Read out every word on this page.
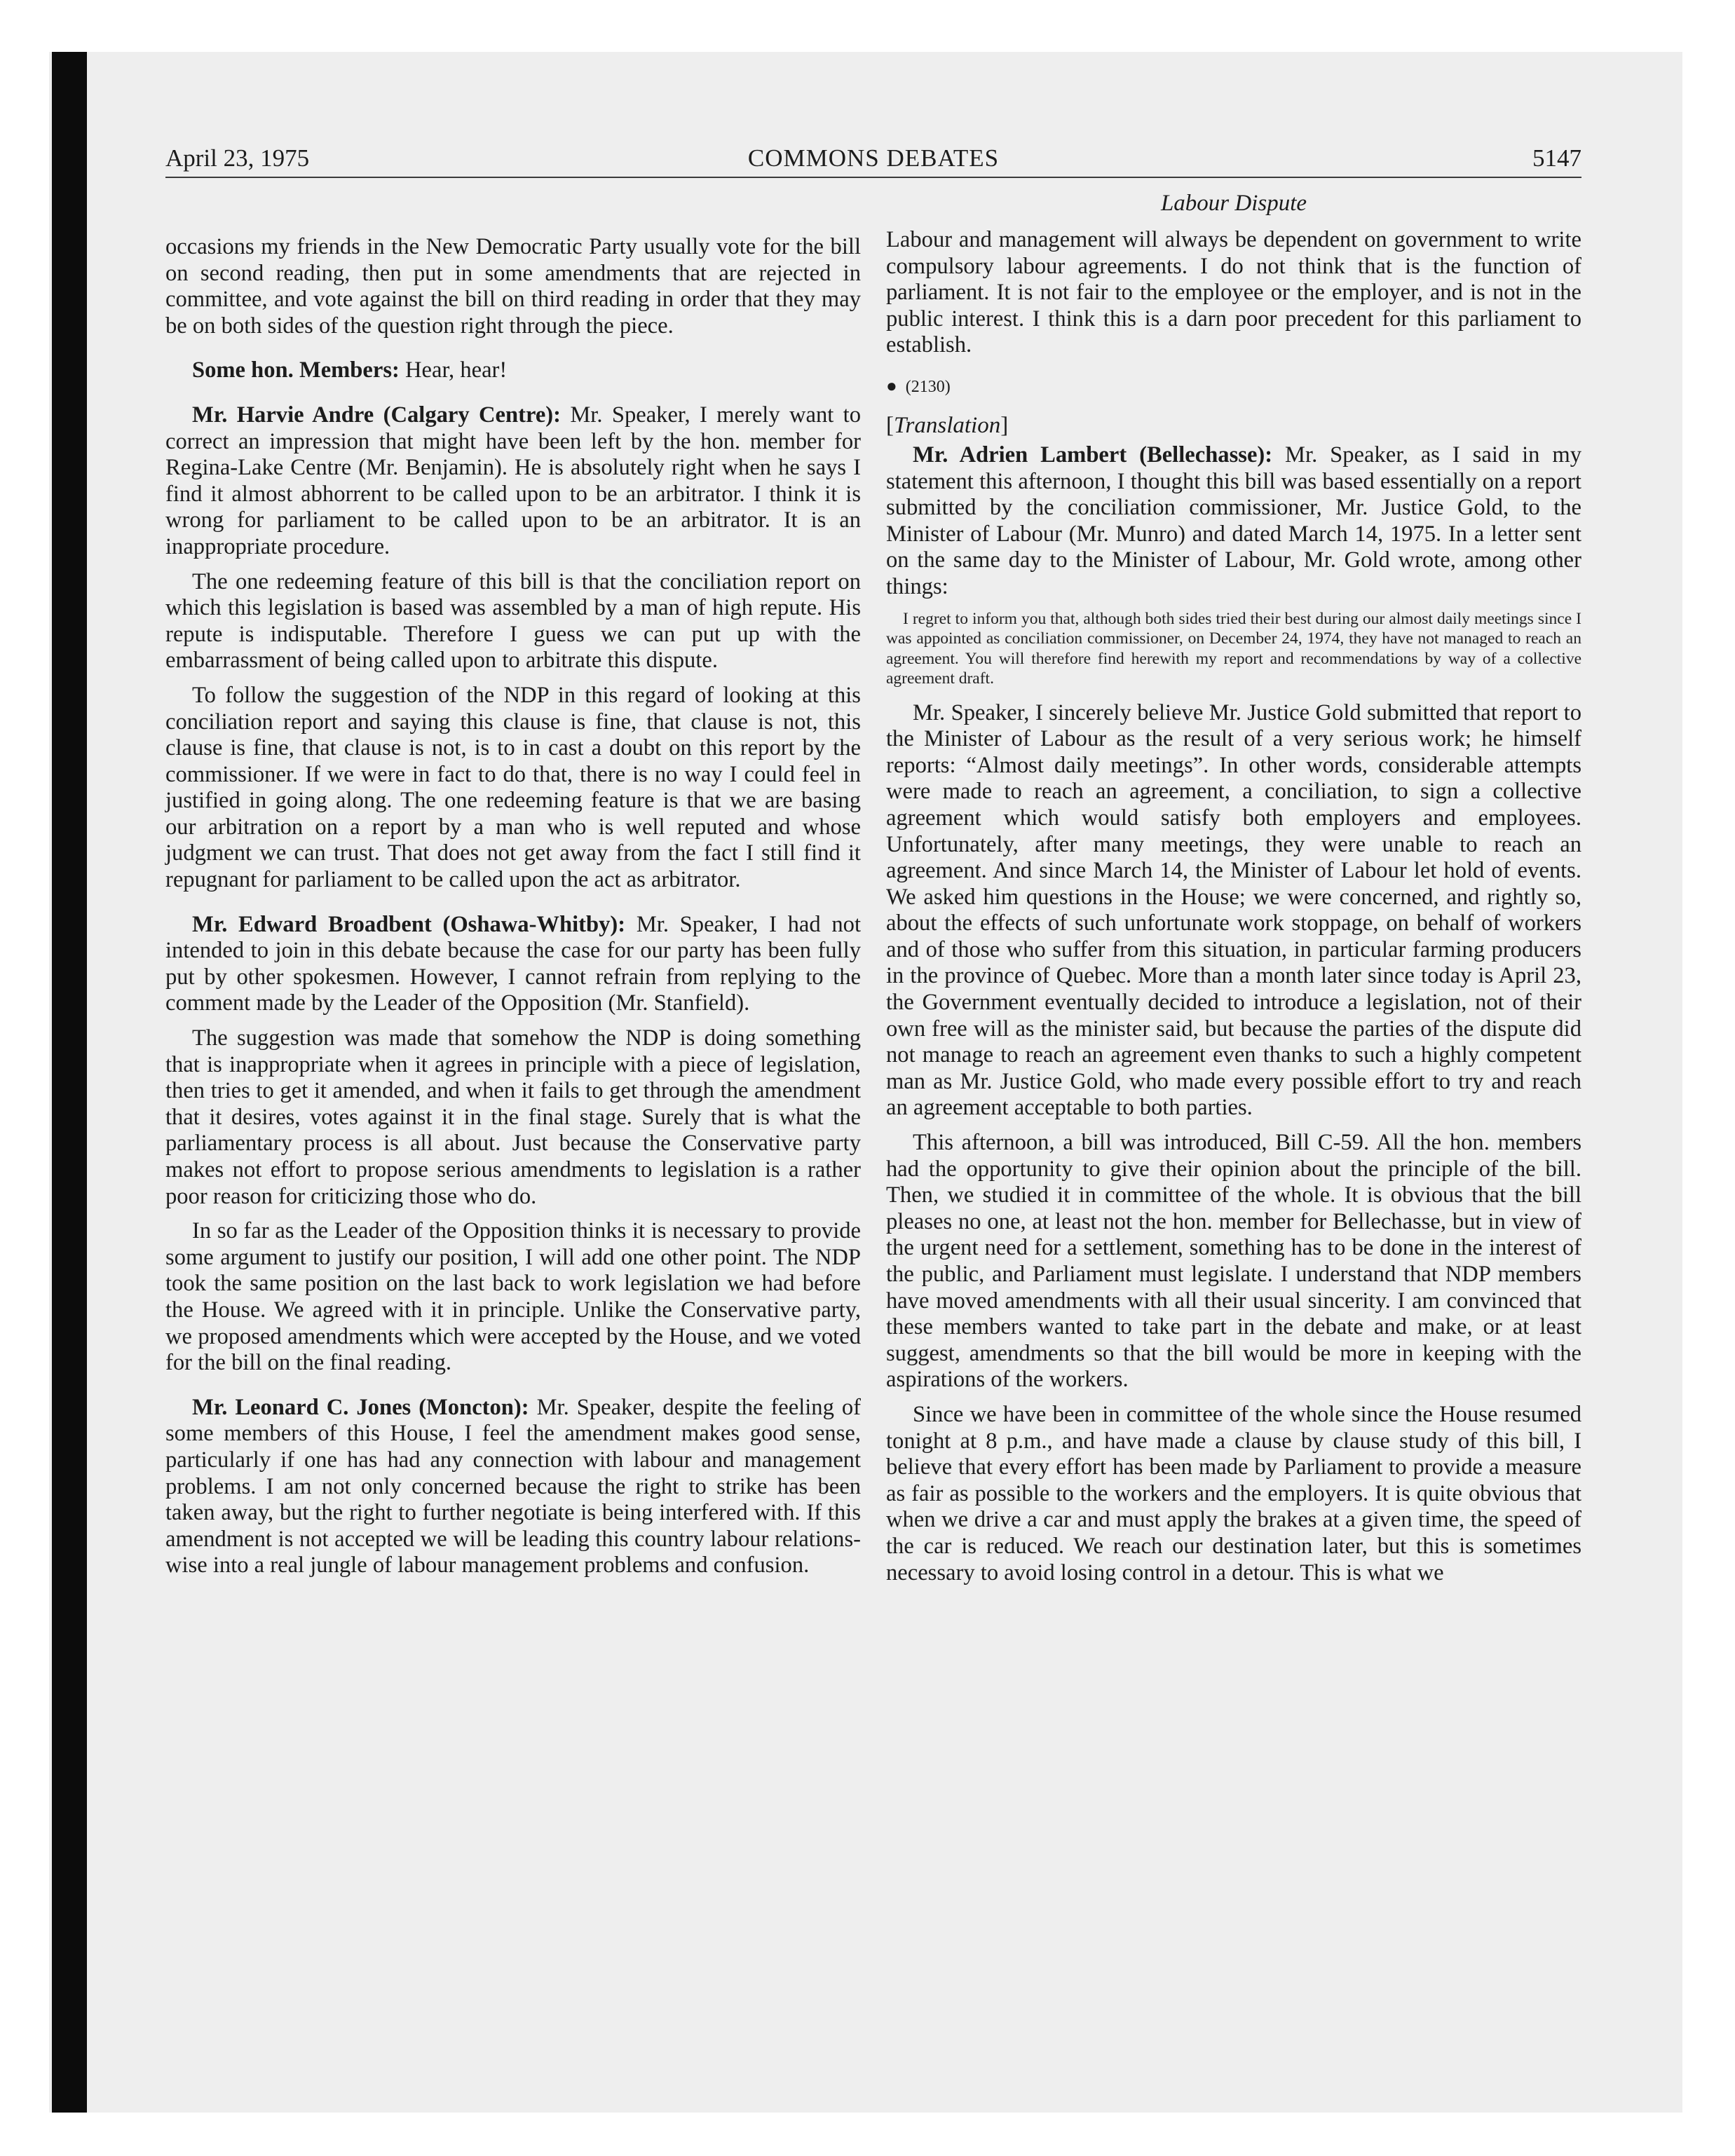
April 23, 1975	COMMONS DEBATES	5147

occasions my friends in the New Democratic Party usually vote for the bill on second reading, then put in some amendments that are rejected in committee, and vote against the bill on third reading in order that they may be on both sides of the question right through the piece.

Some hon. Members: Hear, hear!

Mr. Harvie Andre (Calgary Centre): Mr. Speaker, I merely want to correct an impression that might have been left by the hon. member for Regina-Lake Centre (Mr. Benjamin). He is absolutely right when he says I find it almost abhorrent to be called upon to be an arbitrator. I think it is wrong for parliament to be called upon to be an arbitrator. It is an inappropriate procedure.

The one redeeming feature of this bill is that the conciliation report on which this legislation is based was assembled by a man of high repute. His repute is indisputable. Therefore I guess we can put up with the embarrassment of being called upon to arbitrate this dispute.

To follow the suggestion of the NDP in this regard of looking at this conciliation report and saying this clause is fine, that clause is not, this clause is fine, that clause is not, is to in cast a doubt on this report by the commissioner. If we were in fact to do that, there is no way I could feel in justified in going along. The one redeeming feature is that we are basing our arbitration on a report by a man who is well reputed and whose judgment we can trust. That does not get away from the fact I still find it repugnant for parliament to be called upon the act as arbitrator.

Mr. Edward Broadbent (Oshawa-Whitby): Mr. Speaker, I had not intended to join in this debate because the case for our party has been fully put by other spokesmen. However, I cannot refrain from replying to the comment made by the Leader of the Opposition (Mr. Stanfield).

The suggestion was made that somehow the NDP is doing something that is inappropriate when it agrees in principle with a piece of legislation, then tries to get it amended, and when it fails to get through the amendment that it desires, votes against it in the final stage. Surely that is what the parliamentary process is all about. Just because the Conservative party makes not effort to propose serious amendments to legislation is a rather poor reason for criticizing those who do.

In so far as the Leader of the Opposition thinks it is necessary to provide some argument to justify our position, I will add one other point. The NDP took the same position on the last back to work legislation we had before the House. We agreed with it in principle. Unlike the Conservative party, we proposed amendments which were accepted by the House, and we voted for the bill on the final reading.

Mr. Leonard C. Jones (Moncton): Mr. Speaker, despite the feeling of some members of this House, I feel the amendment makes good sense, particularly if one has had any connection with labour and management problems. I am not only concerned because the right to strike has been taken away, but the right to further negotiate is being interfered with. If this amendment is not accepted we will be leading this country labour relations-wise into a real jungle of labour management problems and confusion.

Labour Dispute

Labour and management will always be dependent on government to write compulsory labour agreements. I do not think that is the function of parliament. It is not fair to the employee or the employer, and is not in the public interest. I think this is a darn poor precedent for this parliament to establish.

● (2130)
[Translation]

Mr. Adrien Lambert (Bellechasse): Mr. Speaker, as I said in my statement this afternoon, I thought this bill was based essentially on a report submitted by the conciliation commissioner, Mr. Justice Gold, to the Minister of Labour (Mr. Munro) and dated March 14, 1975. In a letter sent on the same day to the Minister of Labour, Mr. Gold wrote, among other things:

I regret to inform you that, although both sides tried their best during our almost daily meetings since I was appointed as conciliation commissioner, on December 24, 1974, they have not managed to reach an agreement. You will therefore find herewith my report and recommendations by way of a collective agreement draft.

Mr. Speaker, I sincerely believe Mr. Justice Gold submitted that report to the Minister of Labour as the result of a very serious work; he himself reports: “Almost daily meetings”. In other words, considerable attempts were made to reach an agreement, a conciliation, to sign a collective agreement which would satisfy both employers and employees. Unfortunately, after many meetings, they were unable to reach an agreement. And since March 14, the Minister of Labour let hold of events. We asked him questions in the House; we were concerned, and rightly so, about the effects of such unfortunate work stoppage, on behalf of workers and of those who suffer from this situation, in particular farming producers in the province of Quebec. More than a month later since today is April 23, the Government eventually decided to introduce a legislation, not of their own free will as the minister said, but because the parties of the dispute did not manage to reach an agreement even thanks to such a highly competent man as Mr. Justice Gold, who made every possible effort to try and reach an agreement acceptable to both parties.

This afternoon, a bill was introduced, Bill C-59. All the hon. members had the opportunity to give their opinion about the principle of the bill. Then, we studied it in committee of the whole. It is obvious that the bill pleases no one, at least not the hon. member for Bellechasse, but in view of the urgent need for a settlement, something has to be done in the interest of the public, and Parliament must legislate. I understand that NDP members have moved amendments with all their usual sincerity. I am convinced that these members wanted to take part in the debate and make, or at least suggest, amendments so that the bill would be more in keeping with the aspirations of the workers.

Since we have been in committee of the whole since the House resumed tonight at 8 p.m., and have made a clause by clause study of this bill, I believe that every effort has been made by Parliament to provide a measure as fair as possible to the workers and the employers. It is quite obvious that when we drive a car and must apply the brakes at a given time, the speed of the car is reduced. We reach our destination later, but this is sometimes necessary to avoid losing control in a detour. This is what we
